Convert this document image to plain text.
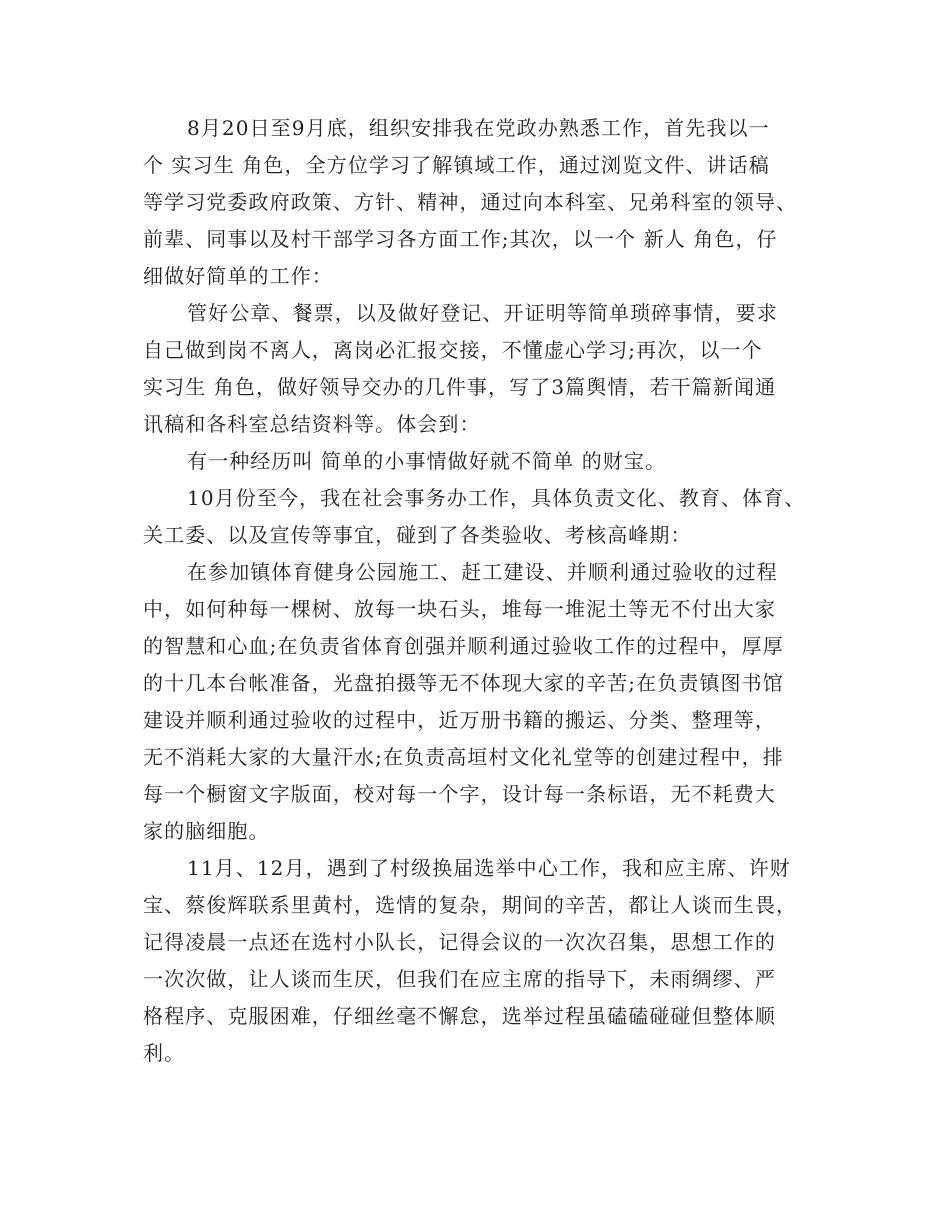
8月20日至9月底，组织安排我在党政办熟悉工作，首先我以一
个 实习生 角色，全方位学习了解镇域工作，通过浏览文件、讲话稿
等学习党委政府政策、方针、精神，通过向本科室、兄弟科室的领导、
前辈、同事以及村干部学习各方面工作;其次，以一个 新人 角色，仔
细做好简单的工作：
管好公章、餐票，以及做好登记、开证明等简单琐碎事情，要求
自己做到岗不离人，离岗必汇报交接，不懂虚心学习;再次，以一个
实习生 角色，做好领导交办的几件事，写了3篇舆情，若干篇新闻通
讯稿和各科室总结资料等。体会到：
有一种经历叫 简单的小事情做好就不简单 的财宝。
10月份至今，我在社会事务办工作，具体负责文化、教育、体育、
关工委、以及宣传等事宜，碰到了各类验收、考核高峰期：
在参加镇体育健身公园施工、赶工建设、并顺利通过验收的过程
中，如何种每一棵树、放每一块石头，堆每一堆泥土等无不付出大家
的智慧和心血;在负责省体育创强并顺利通过验收工作的过程中，厚厚
的十几本台帐准备，光盘拍摄等无不体现大家的辛苦;在负责镇图书馆
建设并顺利通过验收的过程中，近万册书籍的搬运、分类、整理等，
无不消耗大家的大量汗水;在负责高垣村文化礼堂等的创建过程中，排
每一个橱窗文字版面，校对每一个字，设计每一条标语，无不耗费大
家的脑细胞。
11月、12月，遇到了村级换届选举中心工作，我和应主席、许财
宝、蔡俊辉联系里黄村，选情的复杂，期间的辛苦，都让人谈而生畏，
记得凌晨一点还在选村小队长，记得会议的一次次召集，思想工作的
一次次做，让人谈而生厌，但我们在应主席的指导下，未雨绸缪、严
格程序、克服困难，仔细丝毫不懈怠，选举过程虽磕磕碰碰但整体顺
利。
